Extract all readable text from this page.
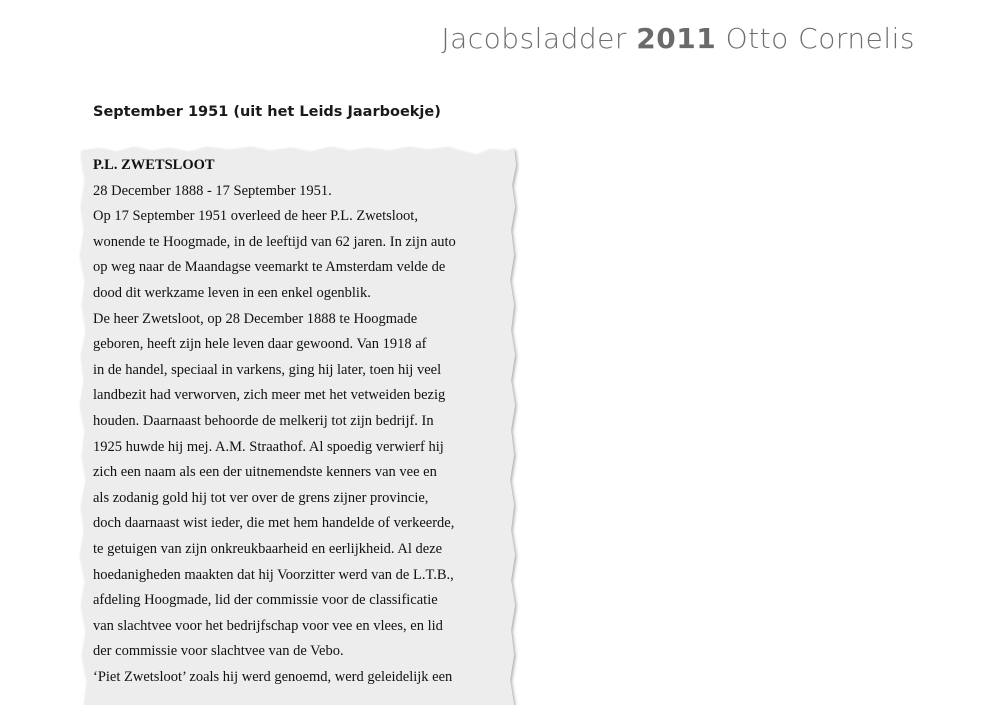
Jacobsladder 2011 Otto Cornelis
September 1951 (uit het Leids Jaarboekje)
P.L. ZWETSLOOT
28 December 1888 - 17 September 1951.
Op 17 September 1951 overleed de heer P.L. Zwetsloot,
wonende te Hoogmade, in de leeftijd van 62 jaren. In zijn auto
op weg naar de Maandagse veemarkt te Amsterdam velde de
dood dit werkzame leven in een enkel ogenblik.
De heer Zwetsloot, op 28 December 1888 te Hoogmade
geboren, heeft zijn hele leven daar gewoond. Van 1918 af
in de handel, speciaal in varkens, ging hij later, toen hij veel
landbezit had verworven, zich meer met het vetweiden bezig
houden. Daarnaast behoorde de melkerij tot zijn bedrijf. In
1925 huwde hij mej. A.M. Straathof. Al spoedig verwierf hij
zich een naam als een der uitnemendste kenners van vee en
als zodanig gold hij tot ver over de grens zijner provincie,
doch daarnaast wist ieder, die met hem handelde of verkeerde,
te getuigen van zijn onkreukbaarheid en eerlijkheid. Al deze
hoedanigheden maakten dat hij Voorzitter werd van de L.T.B.,
afdeling Hoogmade, lid der commissie voor de classificatie
van slachtvee voor het bedrijfschap voor vee en vlees, en lid
der commissie voor slachtvee van de Vebo.
‘Piet Zwetsloot’ zoals hij werd genoemd, werd geleidelijk een
